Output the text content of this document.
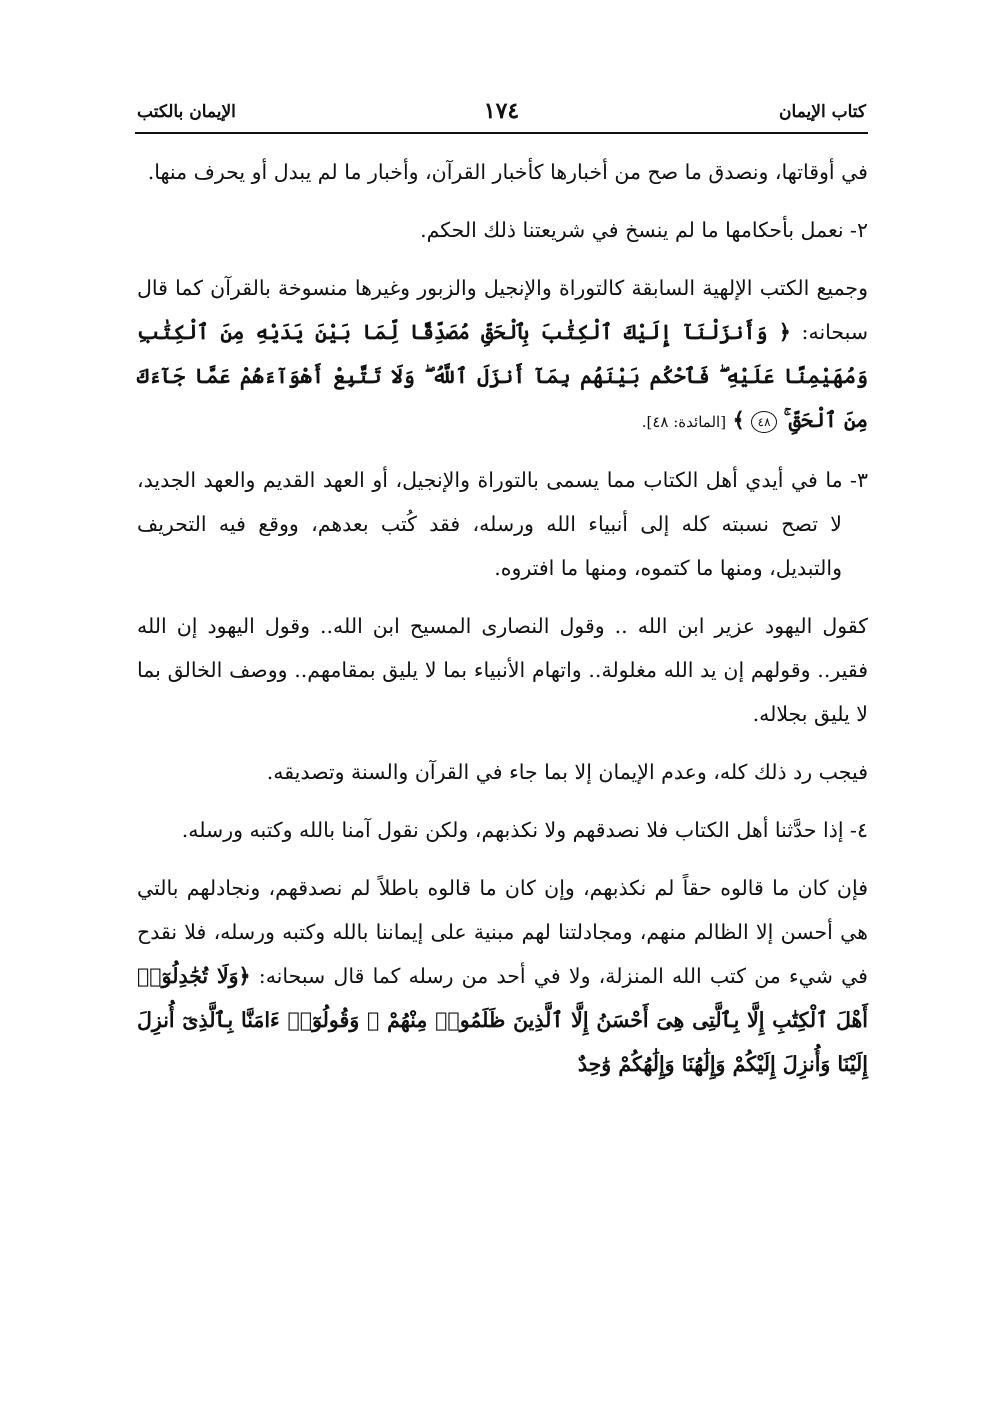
كتاب الإيمان
١٧٤
الإيمان بالكتب

في أوقاتها، ونصدق ما صح من أخبارها كأخبار القرآن، وأخبار ما لم يبدل أو يحرف منها.

٢- نعمل بأحكامها ما لم ينسخ في شريعتنا ذلك الحكم.

وجميع الكتب الإلهية السابقة كالتوراة والإنجيل والزبور وغيرها منسوخة بالقرآن كما قال سبحانه: ﴿ وَأَنزَلْنَآ إِلَيْكَ ٱلْكِتَٰبَ بِٱلْحَقِّ مُصَدِّقًا لِّمَا بَيْنَ يَدَيْهِ مِنَ ٱلْكِتَٰبِ وَمُهَيْمِنًا عَلَيْهِ ۖ فَٱحْكُم بَيْنَهُم بِمَآ أَنزَلَ ٱللَّهُ ۖ وَلَا تَتَّبِعْ أَهْوَآءَهُمْ عَمَّا جَآءَكَ مِنَ ٱلْحَقِّ ۚ ٤٨ ﴾ [المائدة: ٤٨].

٣- ما في أيدي أهل الكتاب مما يسمى بالتوراة والإنجيل، أو العهد القديم والعهد الجديد، لا تصح نسبته كله إلى أنبياء الله ورسله، فقد كُتب بعدهم، ووقع فيه التحريف والتبديل، ومنها ما كتموه، ومنها ما افتروه.

كقول اليهود عزير ابن الله .. وقول النصارى المسيح ابن الله.. وقول اليهود إن الله فقير.. وقولهم إن يد الله مغلولة.. واتهام الأنبياء بما لا يليق بمقامهم.. ووصف الخالق بما لا يليق بجلاله.

فيجب رد ذلك كله، وعدم الإيمان إلا بما جاء في القرآن والسنة وتصديقه.

٤- إذا حدَّثنا أهل الكتاب فلا نصدقهم ولا نكذبهم، ولكن نقول آمنا بالله وكتبه ورسله.

فإن كان ما قالوه حقاً لم نكذبهم، وإن كان ما قالوه باطلاً لم نصدقهم، ونجادلهم بالتي هي أحسن إلا الظالم منهم، ومجادلتنا لهم مبنية على إيماننا بالله وكتبه ورسله، فلا نقدح في شيء من كتب الله المنزلة، ولا في أحد من رسله كما قال سبحانه: ﴿وَلَا تُجَٰدِلُوٓا۟ أَهْلَ ٱلْكِتَٰبِ إِلَّا بِٱلَّتِى هِىَ أَحْسَنُ إِلَّا ٱلَّذِينَ ظَلَمُوا۟ مِنْهُمْ ۖ وَقُولُوٓا۟ ءَامَنَّا بِٱلَّذِىٓ أُنزِلَ إِلَيْنَا وَأُنزِلَ إِلَيْكُمْ وَإِلَٰهُنَا وَإِلَٰهُكُمْ وَٰحِدٌ
